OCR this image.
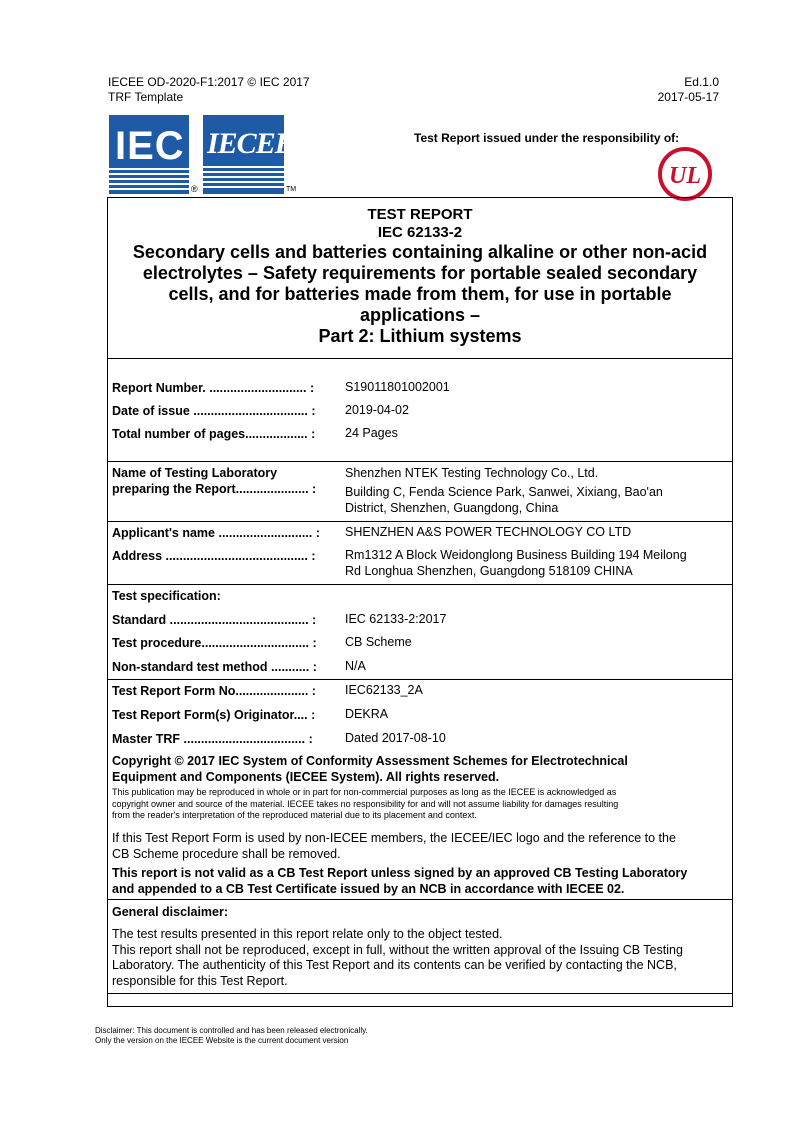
IECEE OD-2020-F1:2017 © IEC 2017
TRF Template
Ed.1.0
2017-05-17
IEC
®
IECEE
TM
Test Report issued under the responsibility of:
UL
TEST REPORT
IEC 62133-2
Secondary cells and batteries containing alkaline or other non-acid
electrolytes – Safety requirements for portable sealed secondary
cells, and for batteries made from them, for use in portable
applications –
Part 2: Lithium systems
Report Number. ............................ : S19011801002001
Date of issue ................................. : 2019-04-02
Total number of pages.................. : 24 Pages
Name of Testing Laboratory
preparing the Report..................... :
Shenzhen NTEK Testing Technology Co., Ltd.
Building C, Fenda Science Park, Sanwei, Xixiang, Bao'an
District, Shenzhen, Guangdong, China
Applicant's name ........................... : SHENZHEN A&S POWER TECHNOLOGY CO LTD
Address ......................................... : Rm1312 A Block Weidonglong Business Building 194 Meilong
Rd Longhua Shenzhen, Guangdong 518109 CHINA
Test specification:
Standard ........................................ : IEC 62133-2:2017
Test procedure............................... : CB Scheme
Non-standard test method ........... : N/A
Test Report Form No..................... : IEC62133_2A
Test Report Form(s) Originator.... : DEKRA
Master TRF ................................... :	Dated 2017-08-10
Copyright © 2017 IEC System of Conformity Assessment Schemes for Electrotechnical
Equipment and Components (IECEE System). All rights reserved.
This publication may be reproduced in whole or in part for non-commercial purposes as long as the IECEE is acknowledged as
copyright owner and source of the material. IECEE takes no responsibility for and will not assume liability for damages resulting
from the reader's interpretation of the reproduced material due to its placement and context.
If this Test Report Form is used by non-IECEE members, the IECEE/IEC logo and the reference to the
CB Scheme procedure shall be removed.
This report is not valid as a CB Test Report unless signed by an approved CB Testing Laboratory
and appended to a CB Test Certificate issued by an NCB in accordance with IECEE 02.
General disclaimer:
The test results presented in this report relate only to the object tested.
This report shall not be reproduced, except in full, without the written approval of the Issuing CB Testing
Laboratory. The authenticity of this Test Report and its contents can be verified by contacting the NCB,
responsible for this Test Report.
Disclaimer: This document is controlled and has been released electronically.
Only the version on the IECEE Website is the current document version
